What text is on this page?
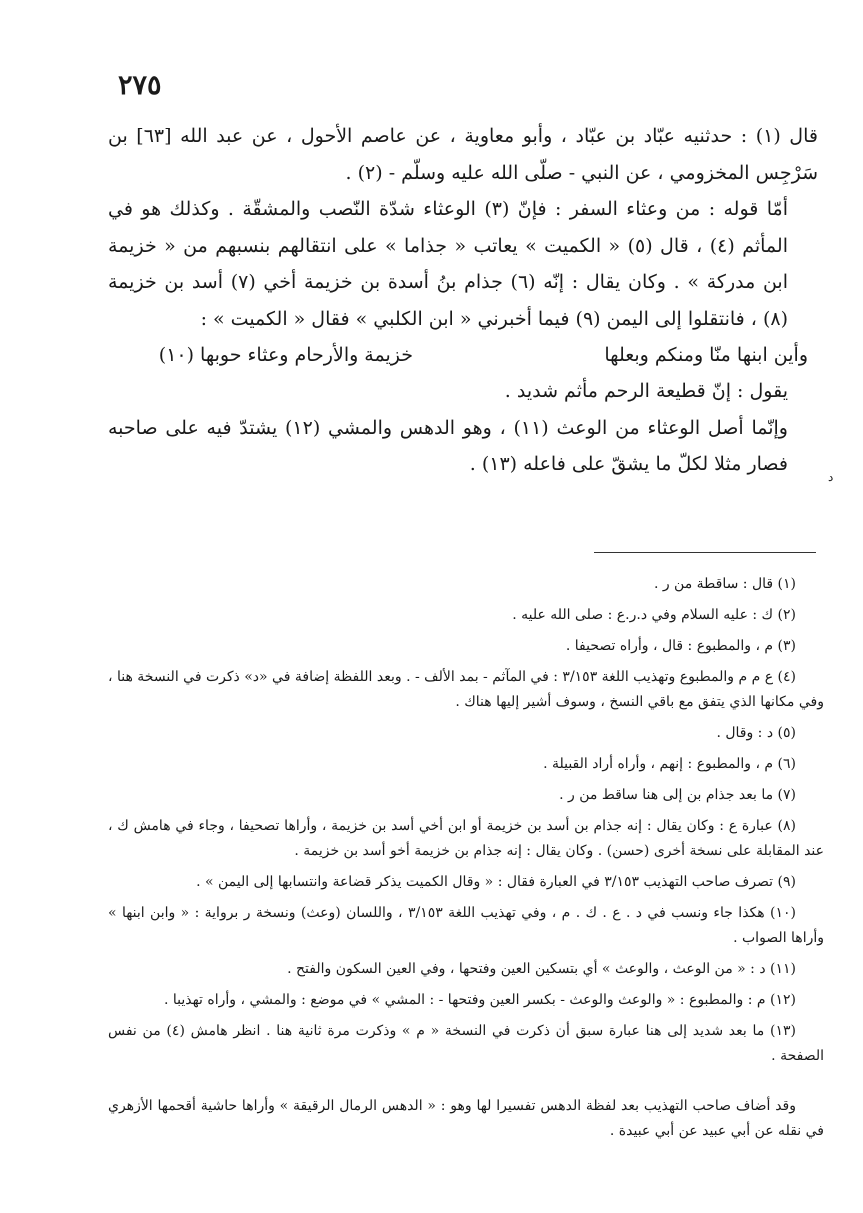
٢٧٥

قال (١) : حدثنيه عبّاد بن عبّاد ، وأبو معاوية ، عن عاصم الأحول ، عن عبد الله [٦٣] بن سَرْجِس المخزومي ، عن النبي - صلّى الله عليه وسلّم - (٢) .

أمّا قوله : من وعثاء السفر : فإنّ (٣) الوعثاء شدّة النّصب والمشقّة . وكذلك هو في المأثم (٤) ، قال (٥) « الكميت » يعاتب « جذاما » على انتقالهم بنسبهم من « خزيمة ابن مدركة » . وكان يقال : إنّه (٦) جذام بنُ أسدة بن خزيمة أخي (٧) أسد بن خزيمة (٨) ، فانتقلوا إلى اليمن (٩) فيما أخبرني « ابن الكلبي » فقال « الكميت » :

وأين ابنها منّا ومنكم وبعلها
خزيمة والأرحام وعثاء حوبها (١٠)

يقول : إنّ قطيعة الرحم مأثم شديد .

وإنّما أصل الوعثاء من الوعث (١١) ، وهو الدهس والمشي (١٢) يشتدّ فيه على صاحبه فصار مثلا لكلّ ما يشقّ على فاعله (١٣) .

د

(١) قال : ساقطة من ر .

(٢) ك : عليه السلام وفي د.ر.ع : صلى الله عليه .

(٣) م ، والمطبوع : قال ، وأراه تصحيفا .

(٤) ع م م والمطبوع وتهذيب اللغة ٣/١٥٣ : في المآثم - بمد الألف - . وبعد اللفظة إضافة في «د» ذكرت في النسخة هنا ، وفي مكانها الذي يتفق مع باقي النسخ ، وسوف أشير إليها هناك .

(٥) د : وقال .

(٦) م ، والمطبوع : إنهم ، وأراه أراد القبيلة .

(٧) ما بعد جذام بن إلى هنا ساقط من ر .

(٨) عبارة ع : وكان يقال : إنه جذام بن أسد بن خزيمة أو ابن أخي أسد بن خزيمة ، وأراها تصحيفا ، وجاء في هامش ك ، عند المقابلة على نسخة أخرى (حسن) . وكان يقال : إنه جذام بن خزيمة أخو أسد بن خزيمة .

(٩) تصرف صاحب التهذيب ٣/١٥٣ في العبارة فقال : « وقال الكميت يذكر قضاعة وانتسابها إلى اليمن » .

(١٠) هكذا جاء ونسب في د . ع . ك . م ، وفي تهذيب اللغة ٣/١٥٣ ، واللسان (وعث) ونسخة ر برواية : « وابن ابنها » وأراها الصواب .

(١١) د : « من الوعث ، والوعث » أي بتسكين العين وفتحها ، وفي العين السكون والفتح .

(١٢) م : والمطبوع : « والوعث والوعث - بكسر العين وفتحها - : المشي » في موضع : والمشي ، وأراه تهذيبا .

(١٣) ما بعد شديد إلى هنا عبارة سبق أن ذكرت في النسخة « م » وذكرت مرة ثانية هنا . انظر هامش (٤) من نفس الصفحة .

وقد أضاف صاحب التهذيب بعد لفظة الدهس تفسيرا لها وهو : « الدهس الرمال الرقيقة » وأراها حاشية أقحمها الأزهري في نقله عن أبي عبيد عن أبي عبيدة .
